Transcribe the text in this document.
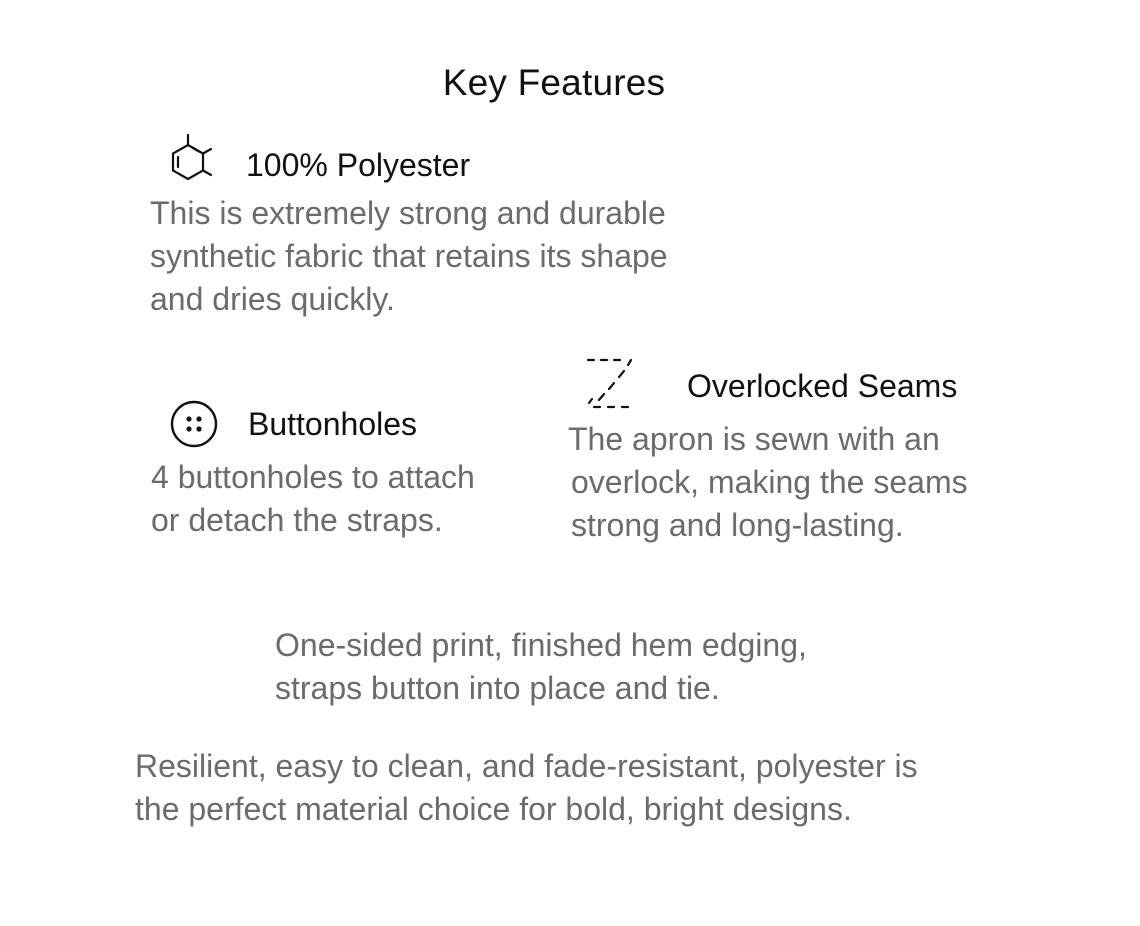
Key Features
100% Polyester
This is extremely strong and durable
synthetic fabric that retains its shape
and dries quickly.
Buttonholes
4 buttonholes to attach
or detach the straps.
Overlocked Seams
The apron is sewn with an
overlock, making the seams
strong and long-lasting.
One-sided print, finished hem edging,
straps button into place and tie.
Resilient, easy to clean, and fade-resistant, polyester is
the perfect material choice for bold, bright designs.
